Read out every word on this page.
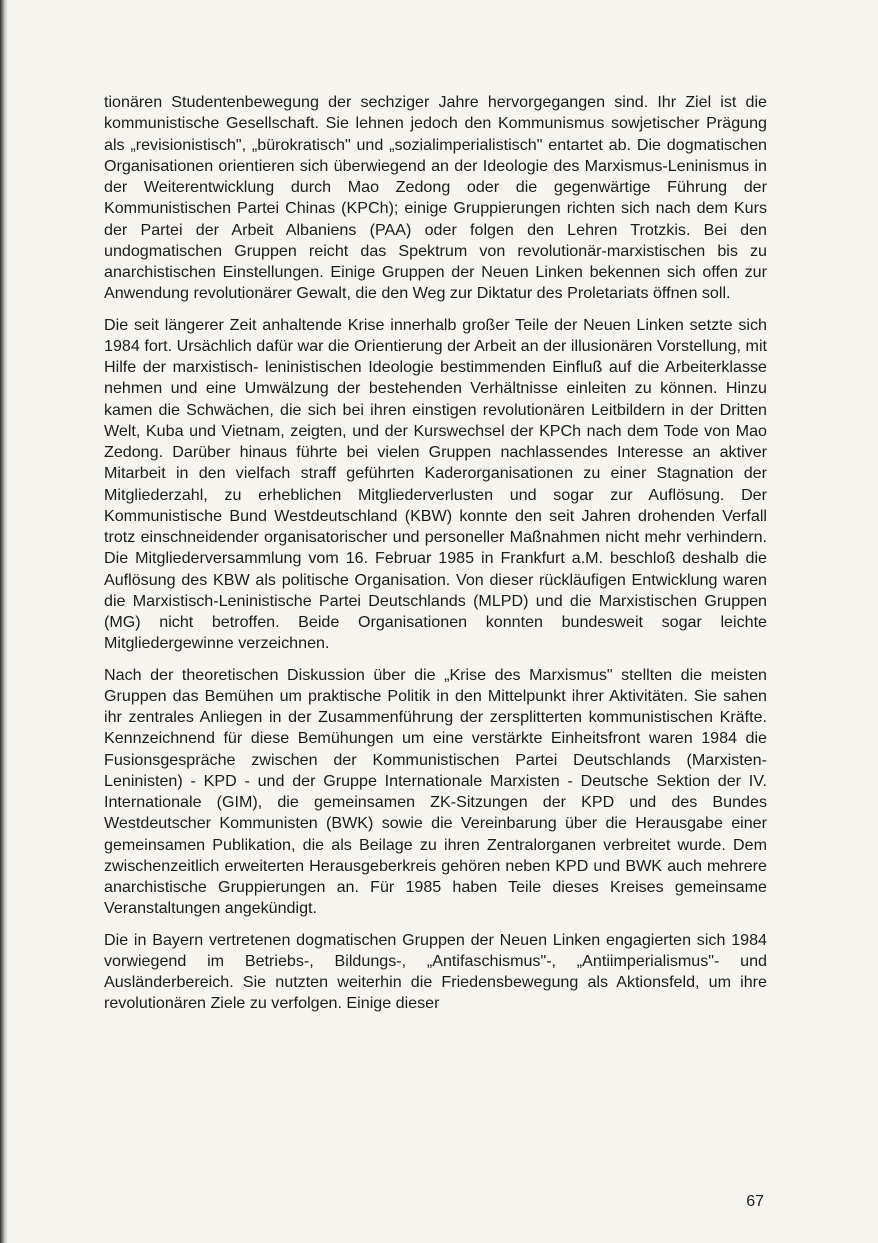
tionären Studentenbewegung der sechziger Jahre hervorgegangen sind. Ihr Ziel ist die kommunistische Gesellschaft. Sie lehnen jedoch den Kommunismus sowjetischer Prägung als „revisionistisch", „bürokratisch" und „sozialimperialistisch" entartet ab. Die dogmatischen Organisationen orientieren sich überwiegend an der Ideologie des Marxismus-Leninismus in der Weiterentwicklung durch Mao Zedong oder die gegenwärtige Führung der Kommunistischen Partei Chinas (KPCh); einige Gruppierungen richten sich nach dem Kurs der Partei der Arbeit Albaniens (PAA) oder folgen den Lehren Trotzkis. Bei den undogmatischen Gruppen reicht das Spektrum von revolutionär-marxistischen bis zu anarchistischen Einstellungen. Einige Gruppen der Neuen Linken bekennen sich offen zur Anwendung revolutionärer Gewalt, die den Weg zur Diktatur des Proletariats öffnen soll.

Die seit längerer Zeit anhaltende Krise innerhalb großer Teile der Neuen Linken setzte sich 1984 fort. Ursächlich dafür war die Orientierung der Arbeit an der illusionären Vorstellung, mit Hilfe der marxistisch- leninistischen Ideologie bestimmenden Einfluß auf die Arbeiterklasse nehmen und eine Umwälzung der bestehenden Verhältnisse einleiten zu können. Hinzu kamen die Schwächen, die sich bei ihren einstigen revolutionären Leitbildern in der Dritten Welt, Kuba und Vietnam, zeigten, und der Kurswechsel der KPCh nach dem Tode von Mao Zedong. Darüber hinaus führte bei vielen Gruppen nachlassendes Interesse an aktiver Mitarbeit in den vielfach straff geführten Kaderorganisationen zu einer Stagnation der Mitgliederzahl, zu erheblichen Mitgliederverlusten und sogar zur Auflösung. Der Kommunistische Bund Westdeutschland (KBW) konnte den seit Jahren drohenden Verfall trotz einschneidender organisatorischer und personeller Maßnahmen nicht mehr verhindern. Die Mitgliederversammlung vom 16. Februar 1985 in Frankfurt a.M. beschloß deshalb die Auflösung des KBW als politische Organisation. Von dieser rückläufigen Entwicklung waren die Marxistisch-Leninistische Partei Deutschlands (MLPD) und die Marxistischen Gruppen (MG) nicht betroffen. Beide Organisationen konnten bundesweit sogar leichte Mitgliedergewinne verzeichnen.

Nach der theoretischen Diskussion über die „Krise des Marxismus" stellten die meisten Gruppen das Bemühen um praktische Politik in den Mittelpunkt ihrer Aktivitäten. Sie sahen ihr zentrales Anliegen in der Zusammenführung der zersplitterten kommunistischen Kräfte. Kennzeichnend für diese Bemühungen um eine verstärkte Einheitsfront waren 1984 die Fusionsgespräche zwischen der Kommunistischen Partei Deutschlands (Marxisten-Leninisten) - KPD - und der Gruppe Internationale Marxisten - Deutsche Sektion der IV. Internationale (GIM), die gemeinsamen ZK-Sitzungen der KPD und des Bundes Westdeutscher Kommunisten (BWK) sowie die Vereinbarung über die Herausgabe einer gemeinsamen Publikation, die als Beilage zu ihren Zentralorganen verbreitet wurde. Dem zwischenzeitlich erweiterten Herausgeberkreis gehören neben KPD und BWK auch mehrere anarchistische Gruppierungen an. Für 1985 haben Teile dieses Kreises gemeinsame Veranstaltungen angekündigt.

Die in Bayern vertretenen dogmatischen Gruppen der Neuen Linken engagierten sich 1984 vorwiegend im Betriebs-, Bildungs-, „Antifaschismus"-, „Antiimperialismus"- und Ausländerbereich. Sie nutzten weiterhin die Friedensbewegung als Aktionsfeld, um ihre revolutionären Ziele zu verfolgen. Einige dieser

67
